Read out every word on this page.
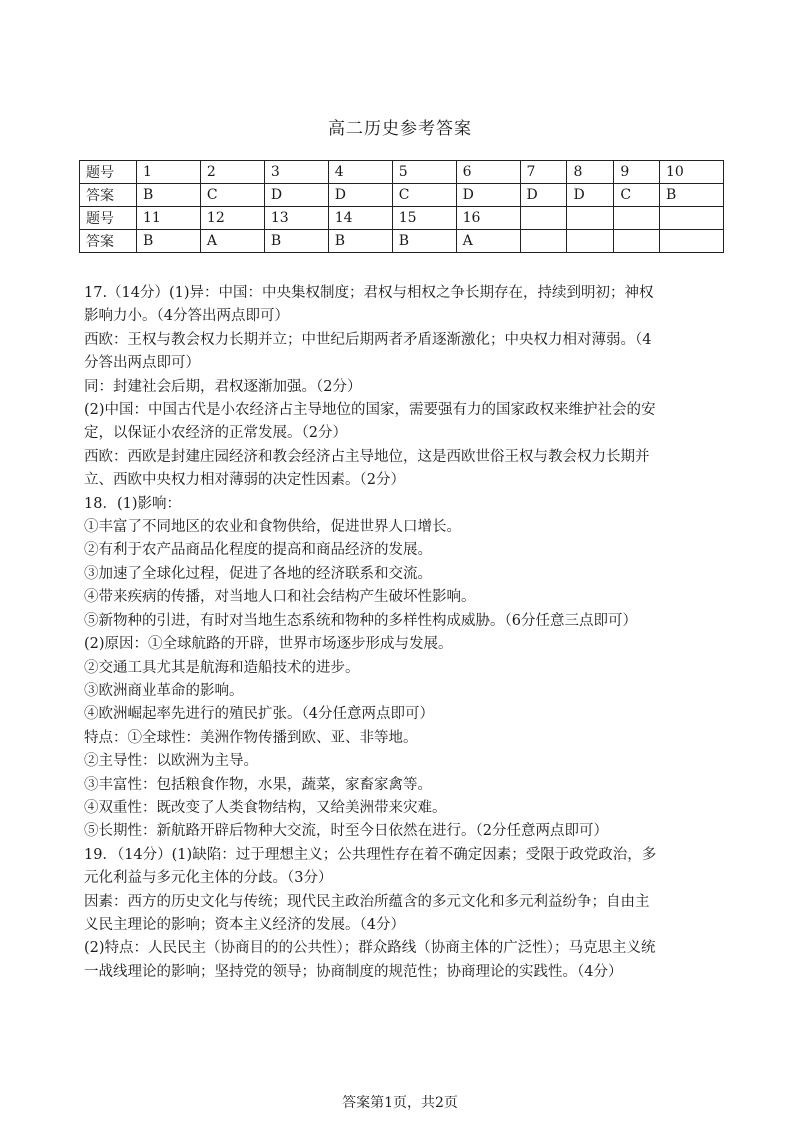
高二历史参考答案
题号	1	2	3	4	5	6	7	8	9	10
答案	B	C	D	D	C	D	D	D	C	B
题号	11	12	13	14	15	16				
答案	B	A	B	B	B	A				

17.（14分）(1)异：中国：中央集权制度；君权与相权之争长期存在，持续到明初；神权

影响力小。（4分答出两点即可）

西欧：王权与教会权力长期并立；中世纪后期两者矛盾逐渐激化；中央权力相对薄弱。（4

分答出两点即可）

同：封建社会后期，君权逐渐加强。（2分）

(2)中国：中国古代是小农经济占主导地位的国家，需要强有力的国家政权来维护社会的安

定，以保证小农经济的正常发展。（2分）

西欧：西欧是封建庄园经济和教会经济占主导地位，这是西欧世俗王权与教会权力长期并

立、西欧中央权力相对薄弱的决定性因素。（2分）

18．(1)影响：

①丰富了不同地区的农业和食物供给，促进世界人口增长。

②有利于农产品商品化程度的提高和商品经济的发展。

③加速了全球化过程，促进了各地的经济联系和交流。

④带来疾病的传播，对当地人口和社会结构产生破坏性影响。

⑤新物种的引进，有时对当地生态系统和物种的多样性构成威胁。（6分任意三点即可）

(2)原因：①全球航路的开辟，世界市场逐步形成与发展。

②交通工具尤其是航海和造船技术的进步。

③欧洲商业革命的影响。

④欧洲崛起率先进行的殖民扩张。（4分任意两点即可）

特点：①全球性：美洲作物传播到欧、亚、非等地。

②主导性：以欧洲为主导。

③丰富性：包括粮食作物，水果，蔬菜，家畜家禽等。

④双重性：既改变了人类食物结构，又给美洲带来灾难。

⑤长期性：新航路开辟后物种大交流，时至今日依然在进行。（2分任意两点即可）

19．（14分）(1)缺陷：过于理想主义；公共理性存在着不确定因素；受限于政党政治，多

元化利益与多元化主体的分歧。（3分）

因素：西方的历史文化与传统；现代民主政治所蕴含的多元文化和多元利益纷争；自由主

义民主理论的影响；资本主义经济的发展。（4分）

(2)特点：人民民主（协商目的的公共性）；群众路线（协商主体的广泛性）；马克思主义统

一战线理论的影响；坚持党的领导；协商制度的规范性；协商理论的实践性。（4分）

答案第1页，共2页
